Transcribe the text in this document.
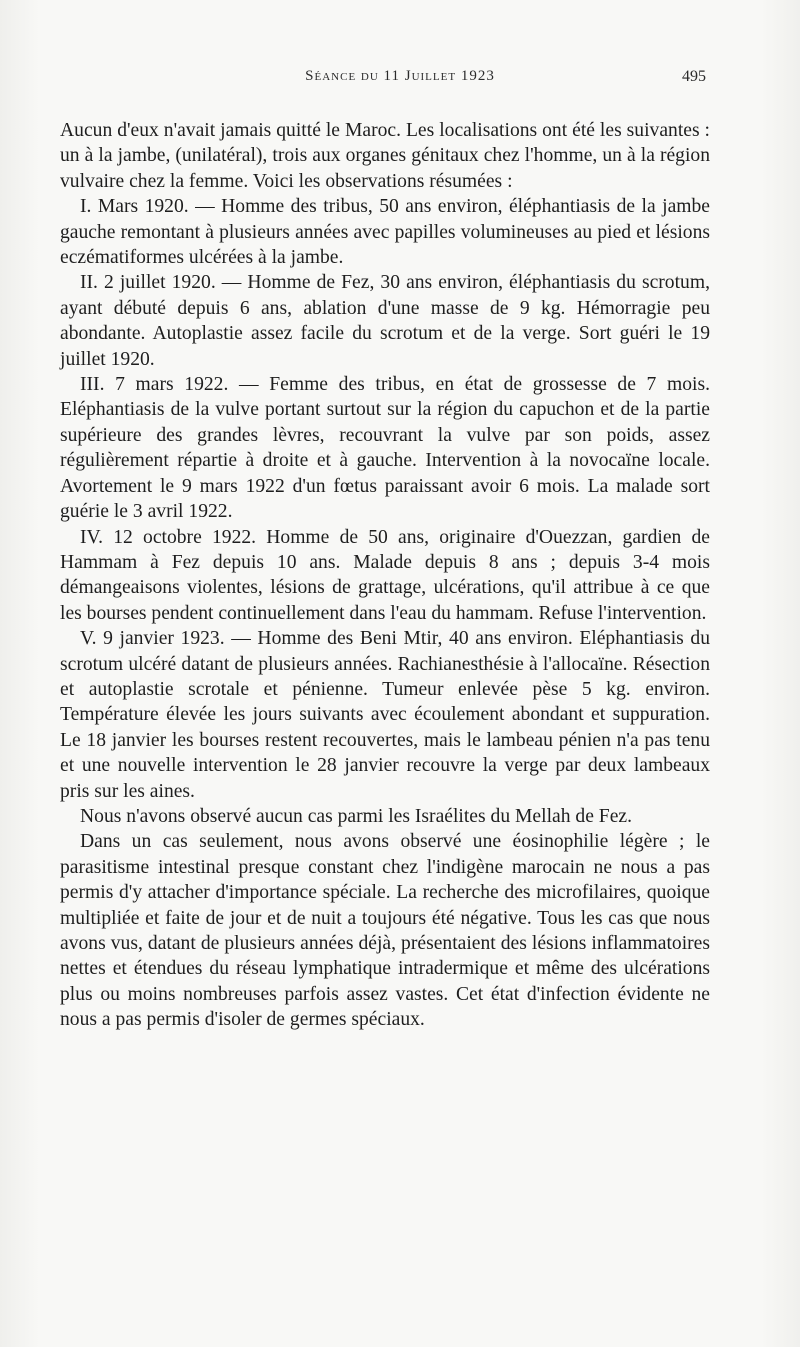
Séance du 11 Juillet 1923	495

Aucun d'eux n'avait jamais quitté le Maroc. Les localisations ont été les suivantes : un à la jambe, (unilatéral), trois aux organes génitaux chez l'homme, un à la région vulvaire chez la femme. Voici les observations résumées :

I. Mars 1920. — Homme des tribus, 50 ans environ, éléphantiasis de la jambe gauche remontant à plusieurs années avec papilles volumineuses au pied et lésions eczématiformes ulcérées à la jambe.

II. 2 juillet 1920. — Homme de Fez, 30 ans environ, éléphantiasis du scrotum, ayant débuté depuis 6 ans, ablation d'une masse de 9 kg. Hémorragie peu abondante. Autoplastie assez facile du scrotum et de la verge. Sort guéri le 19 juillet 1920.

III. 7 mars 1922. — Femme des tribus, en état de grossesse de 7 mois. Eléphantiasis de la vulve portant surtout sur la région du capuchon et de la partie supérieure des grandes lèvres, recouvrant la vulve par son poids, assez régulièrement répartie à droite et à gauche. Intervention à la novocaïne locale. Avortement le 9 mars 1922 d'un fœtus paraissant avoir 6 mois. La malade sort guérie le 3 avril 1922.

IV. 12 octobre 1922. Homme de 50 ans, originaire d'Ouezzan, gardien de Hammam à Fez depuis 10 ans. Malade depuis 8 ans ; depuis 3-4 mois démangeaisons violentes, lésions de grattage, ulcérations, qu'il attribue à ce que les bourses pendent continuellement dans l'eau du hammam. Refuse l'intervention.

V. 9 janvier 1923. — Homme des Beni Mtir, 40 ans environ. Eléphantiasis du scrotum ulcéré datant de plusieurs années. Rachianesthésie à l'allocaïne. Résection et autoplastie scrotale et pénienne. Tumeur enlevée pèse 5 kg. environ. Température élevée les jours suivants avec écoulement abondant et suppuration. Le 18 janvier les bourses restent recouvertes, mais le lambeau pénien n'a pas tenu et une nouvelle intervention le 28 janvier recouvre la verge par deux lambeaux pris sur les aines.

Nous n'avons observé aucun cas parmi les Israélites du Mellah de Fez.

Dans un cas seulement, nous avons observé une éosinophilie légère ; le parasitisme intestinal presque constant chez l'indigène marocain ne nous a pas permis d'y attacher d'importance spéciale. La recherche des microfilaires, quoique multipliée et faite de jour et de nuit a toujours été négative. Tous les cas que nous avons vus, datant de plusieurs années déjà, présentaient des lésions inflammatoires nettes et étendues du réseau lymphatique intradermique et même des ulcérations plus ou moins nombreuses parfois assez vastes. Cet état d'infection évidente ne nous a pas permis d'isoler de germes spéciaux.
